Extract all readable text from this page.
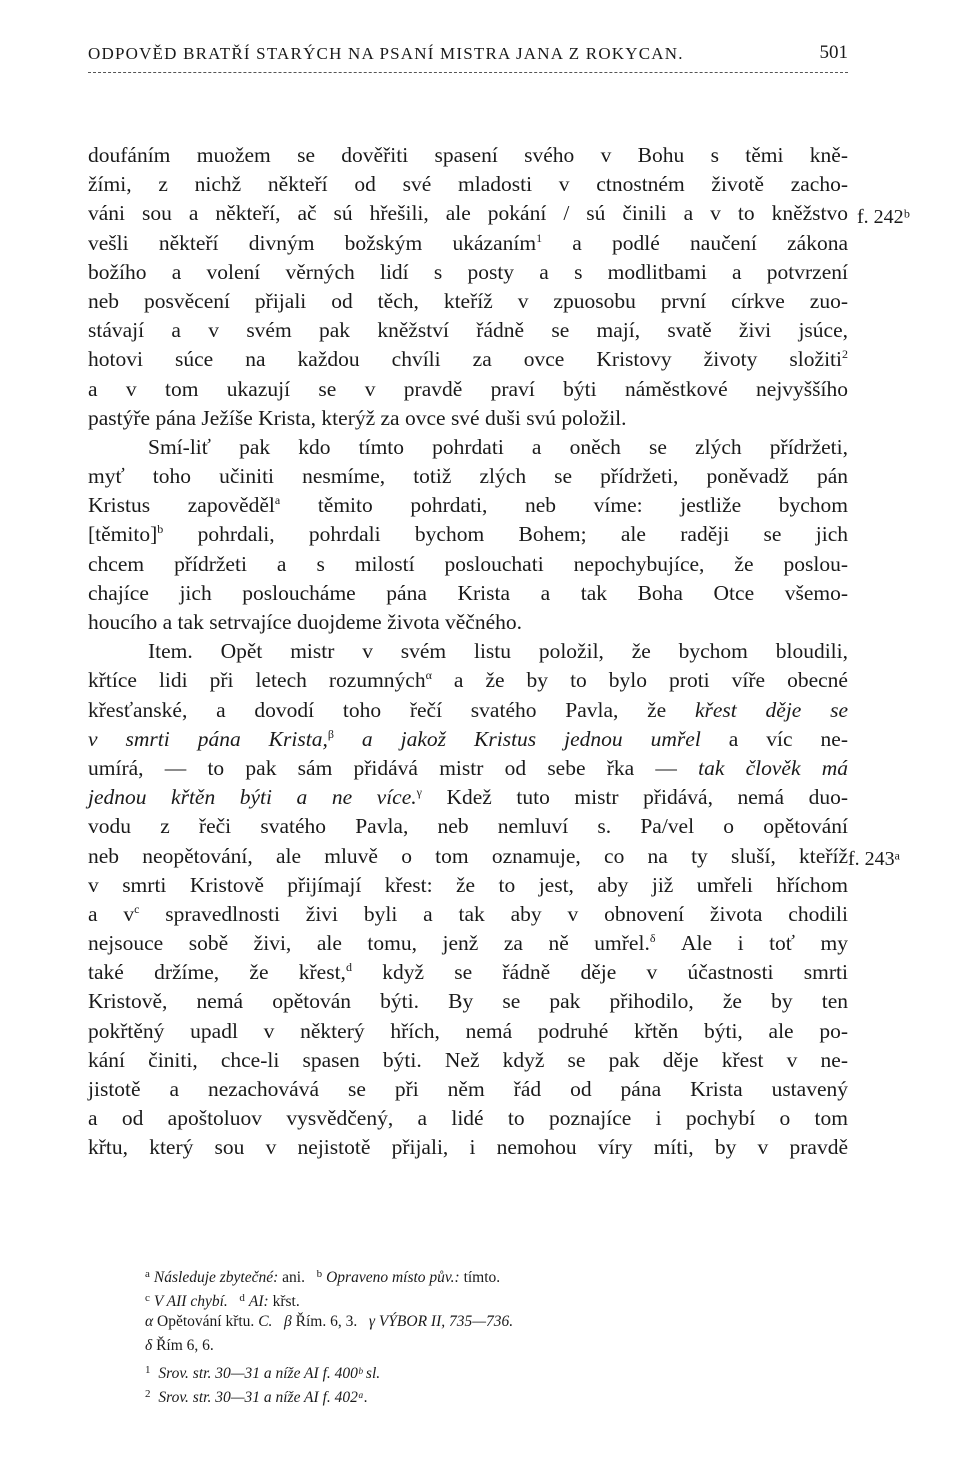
ODPOVĚD BRATŘÍ STARÝCH NA PSANÍ MISTRA JANA Z ROKYCAN.	501
f. 242ᵇ
f. 243ᵃ
doufáním muožem se dověřiti spasení svého v Bohu s těmi kně-
žími, z nichž někteří od své mladosti v ctnostném životě zacho-
váni sou a někteří, ač sú hřešili, ale pokání / sú činili a v to kněžstvo
vešli někteří divným božským ukázaním$^1$ a podlé naučení zákona
božího a volení věrných lidí s posty a s modlitbami a potvrzení
neb posvěcení přijali od těch, kteříž v zpuosobu první církve zuo-
stávají a v svém pak kněžství řádně se mají, svatě živi jsúce,
hotovi súce na každou chvíli za ovce Kristovy životy složiti$^2$
a v tom ukazují se v pravdě praví býti náměstkové nejvyššího
pastýře pána Ježíše Krista, kterýž za ovce své duši svú položil.
Smí-liť pak kdo tímto pohrdati a oněch se zlých přídržeti,
myť toho učiniti nesmíme, totiž zlých se přídržeti, poněvadž pán
Kristus zapověděl$^a$ těmito pohrdati, neb víme: jestliže bychom
[těmito]$^b$ pohrdali, pohrdali bychom Bohem; ale raději se jich
chcem přídržeti a s milostí poslouchati nepochybujíce, že poslou-
chajíce jich posloucháme pána Krista a tak Boha Otce všemo-
houcího a tak setrvajíce duojdeme života věčného.
Item. Opět mistr v svém listu položil, že bychom bloudili,
křtíce lidi při letech rozumných$^\alpha$ a že by to bylo proti víře obecné
křesťanské, a dovodí toho řečí svatého Pavla, že křest děje se
v smrti pána Krista,$^\beta$ a jakož Kristus jednou umřel a víc ne-
umírá, — to pak sám přidává mistr od sebe řka — tak člověk má
jednou křtěn býti a ne více.$^\gamma$ Kdež tuto mistr přidává, nemá duo-
vodu z řeči svatého Pavla, neb nemluví s. Pa/vel o opětování
neb neopětování, ale mluvě o tom oznamuje, co na ty sluší, kteříž
v smrti Kristově přijímají křest: že to jest, aby již umřeli hříchom
a $v^c$ spravedlnosti živi byli a tak aby v obnovení života chodili
nejsouce sobě živi, ale tomu, jenž za ně umřel.$^\delta$ Ale i toť my
také držíme, že křest,$^d$ když se řádně děje v účastnosti smrti
Kristově, nemá opětován býti. By se pak přihodilo, že by ten
pokřtěný upadl v některý hřích, nemá podruhé křtěn býti, ale po-
kání činiti, chce-li spasen býti. Než když se pak děje křest v ne-
jistotě a nezachovává se při něm řád od pána Krista ustavený
a od apoštoluov vysvědčený, a lidé to poznajíce i pochybí o tom
křtu, který sou v nejistotě přijali, i nemohou víry míti, by v pravdě
$^a$ Následuje zbytečné: ani. $^b$ Opraveno místo pův.: tímto.
$^c$ V AII chybí. $^d$ AI: křst.
α Opětování křtu. C. β Řím. 6, 3. γ VÝBOR II, 735—736.
δ Řím 6, 6.
$^1$ Srov. str. 30—31 a níže AI f. 400ᵇ sl.
$^2$ Srov. str. 30—31 a níže AI f. 402ᵃ.
